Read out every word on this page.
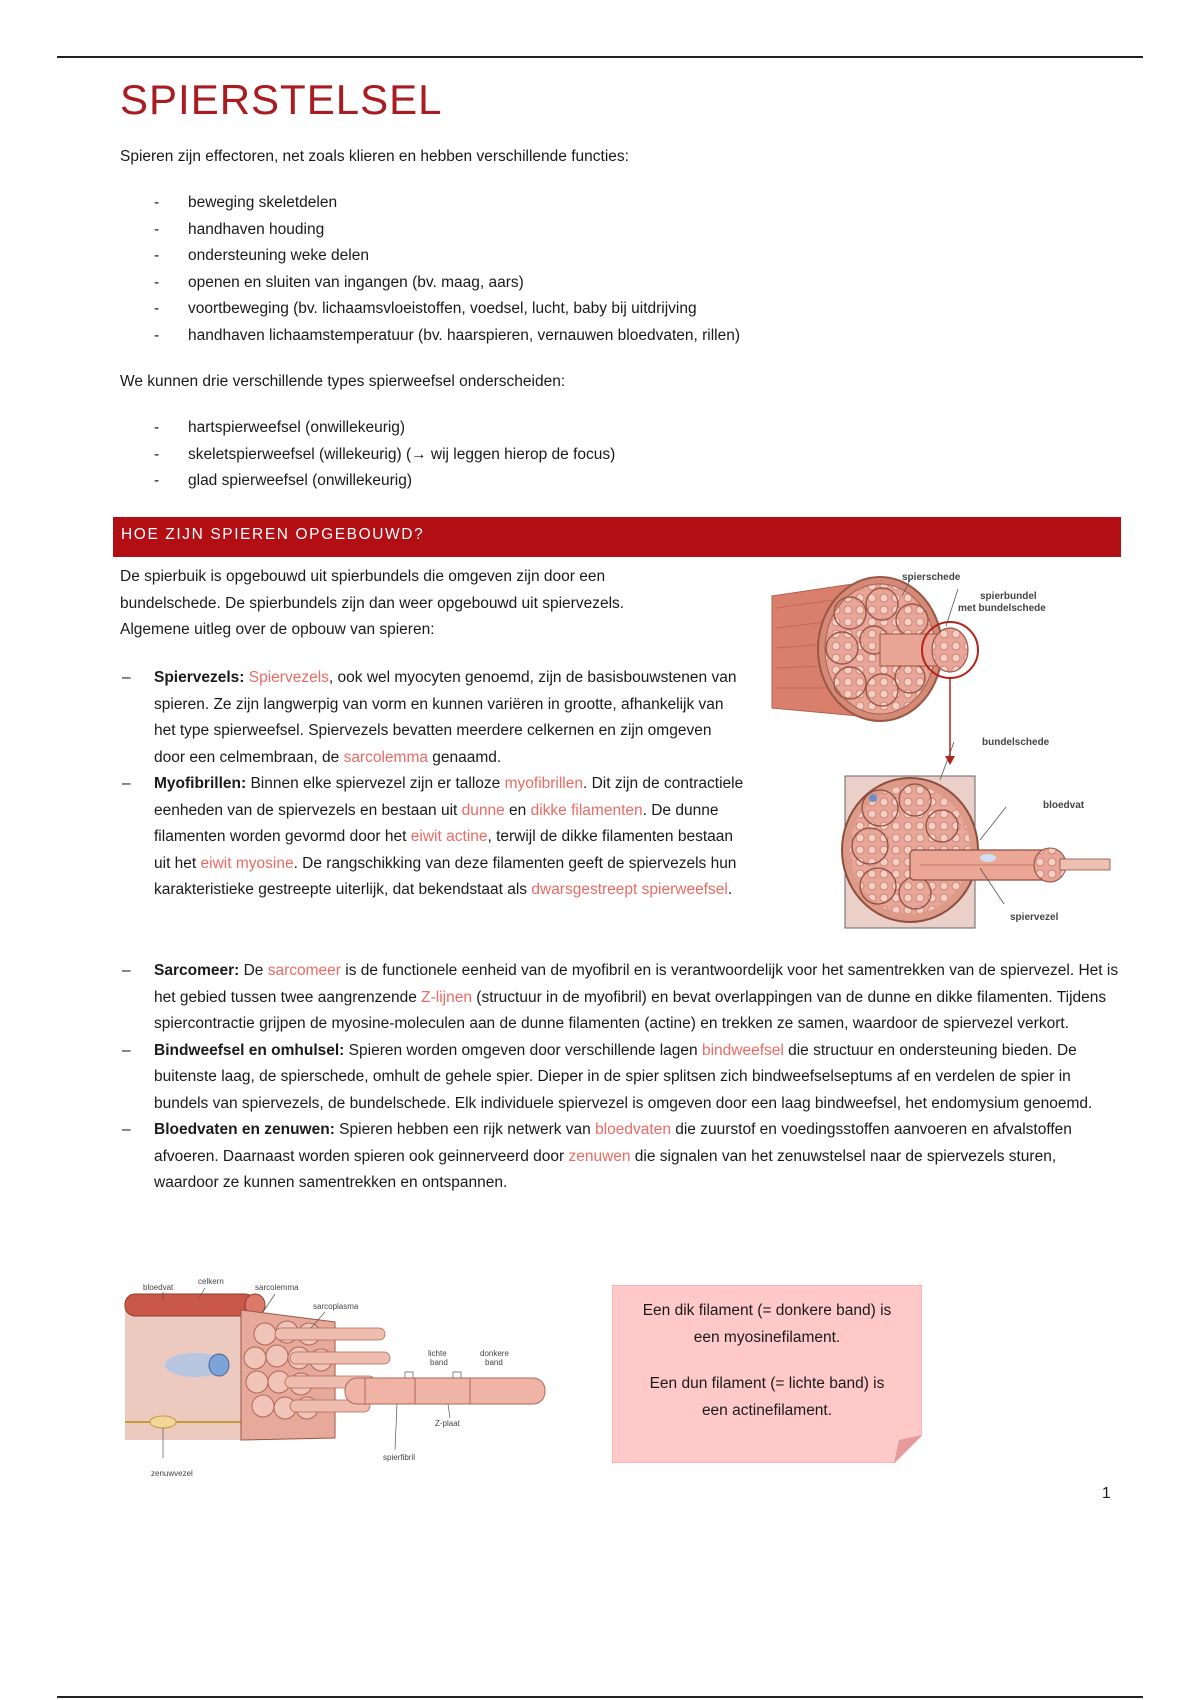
SPIERSTELSEL

Spieren zijn effectoren, net zoals klieren en hebben verschillende functies:

- beweging skeletdelen
- handhaven houding
- ondersteuning weke delen
- openen en sluiten van ingangen (bv. maag, aars)
- voortbeweging (bv. lichaamsvloeistoffen, voedsel, lucht, baby bij uitdrijving
- handhaven lichaamstemperatuur (bv. haarspieren, vernauwen bloedvaten, rillen)

We kunnen drie verschillende types spierweefsel onderscheiden:

- hartspierweefsel (onwillekeurig)
- skeletspierweefsel (willekeurig) (→ wij leggen hierop de focus)
- glad spierweefsel (onwillekeurig)
HOE ZIJN SPIEREN OPGEBOUWD?

De spierbuik is opgebouwd uit spierbundels die omgeven zijn door een
bundelschede. De spierbundels zijn dan weer opgebouwd uit spiervezels.
Algemene uitleg over de opbouw van spieren:

– Spiervezels: Spiervezels, ook wel myocyten genoemd, zijn de basisbouwstenen van spieren. Ze zijn langwerpig van vorm en kunnen variëren in grootte, afhankelijk van het type spierweefsel. Spiervezels bevatten meerdere celkernen en zijn omgeven door een celmembraan, de sarcolemma genaamd.
– Myofibrillen: Binnen elke spiervezel zijn er talloze myofibrillen. Dit zijn de contractiele eenheden van de spiervezels en bestaan uit dunne en dikke filamenten. De dunne filamenten worden gevormd door het eiwit actine, terwijl de dikke filamenten bestaan uit het eiwit myosine. De rangschikking van deze filamenten geeft de spiervezels hun karakteristieke gestreepte uiterlijk, dat bekendstaat als dwarsgestreept spierweefsel.
– Sarcomeer: De sarcomeer is de functionele eenheid van de myofibril en is verantwoordelijk voor het samentrekken van de spiervezel. Het is het gebied tussen twee aangrenzende Z-lijnen (structuur in de myofibril) en bevat overlappingen van de dunne en dikke filamenten. Tijdens spiercontractie grijpen de myosine-moleculen aan de dunne filamenten (actine) en trekken ze samen, waardoor de spiervezel verkort.
– Bindweefsel en omhulsel: Spieren worden omgeven door verschillende lagen bindweefsel die structuur en ondersteuning bieden. De buitenste laag, de spierschede, omhult de gehele spier. Dieper in de spier splitsen zich bindweefselseptums af en verdelen de spier in bundels van spiervezels, de bundelschede. Elk individuele spiervezel is omgeven door een laag bindweefsel, het endomysium genoemd.
– Bloedvaten en zenuwen: Spieren hebben een rijk netwerk van bloedvaten die zuurstof en voedingsstoffen aanvoeren en afvalstoffen afvoeren. Daarnaast worden spieren ook geinnerveerd door zenuwen die signalen van het zenuwstelsel naar de spiervezels sturen, waardoor ze kunnen samentrekken en ontspannen.
spierschede
spierbundel
met bundelschede
bundelschede
bloedvat
spiervezel
bloedvat
celkern
sarcolemma
sarcoplasma
lichte
band
donkere
band
Z-plaat
spierfibril
zenuwvezel

Een dik filament (= donkere band) is
een myosinefilament.

Een dun filament (= lichte band) is
een actinefilament.

1
